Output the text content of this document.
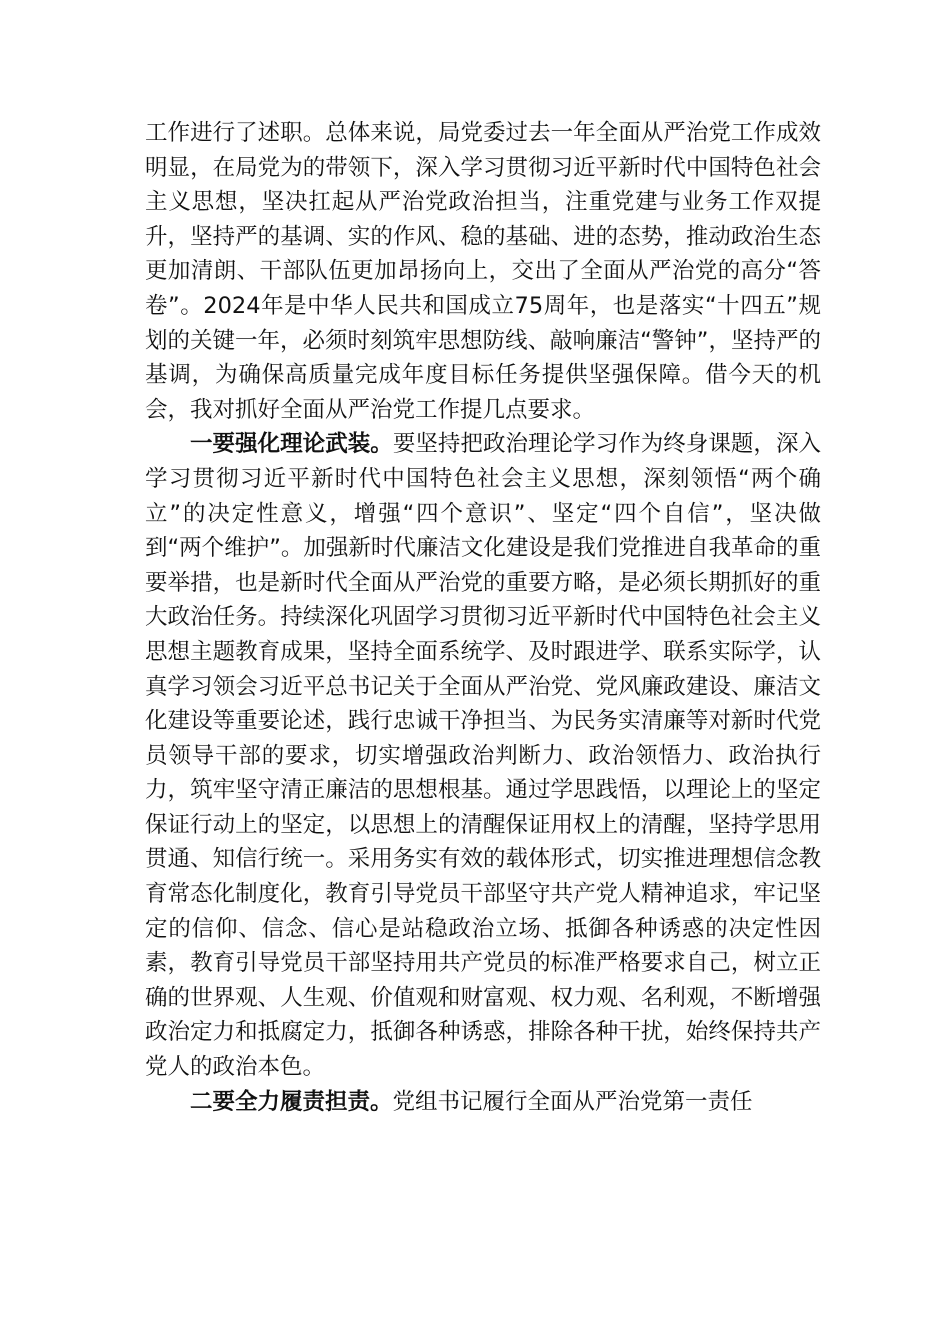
工作进行了述职。总体来说，局党委过去一年全面从严治党工作成效明显，在局党为的带领下，深入学习贯彻习近平新时代中国特色社会主义思想，坚决扛起从严治党政治担当，注重党建与业务工作双提升，坚持严的基调、实的作风、稳的基础、进的态势，推动政治生态更加清朗、干部队伍更加昂扬向上，交出了全面从严治党的高分“答卷”。2024年是中华人民共和国成立75周年，也是落实“十四五”规划的关键一年，必须时刻筑牢思想防线、敲响廉洁“警钟”，坚持严的基调，为确保高质量完成年度目标任务提供坚强保障。借今天的机会，我对抓好全面从严治党工作提几点要求。

一要强化理论武装。要坚持把政治理论学习作为终身课题，深入学习贯彻习近平新时代中国特色社会主义思想，深刻领悟“两个确立”的决定性意义，增强“四个意识”、坚定“四个自信”，坚决做到“两个维护”。加强新时代廉洁文化建设是我们党推进自我革命的重要举措，也是新时代全面从严治党的重要方略，是必须长期抓好的重大政治任务。持续深化巩固学习贯彻习近平新时代中国特色社会主义思想主题教育成果，坚持全面系统学、及时跟进学、联系实际学，认真学习领会习近平总书记关于全面从严治党、党风廉政建设、廉洁文化建设等重要论述，践行忠诚干净担当、为民务实清廉等对新时代党员领导干部的要求，切实增强政治判断力、政治领悟力、政治执行力，筑牢坚守清正廉洁的思想根基。通过学思践悟，以理论上的坚定保证行动上的坚定，以思想上的清醒保证用权上的清醒，坚持学思用贯通、知信行统一。采用务实有效的载体形式，切实推进理想信念教育常态化制度化，教育引导党员干部坚守共产党人精神追求，牢记坚定的信仰、信念、信心是站稳政治立场、抵御各种诱惑的决定性因素，教育引导党员干部坚持用共产党员的标准严格要求自己，树立正确的世界观、人生观、价值观和财富观、权力观、名利观，不断增强政治定力和抵腐定力，抵御各种诱惑，排除各种干扰，始终保持共产党人的政治本色。

二要全力履责担责。党组书记履行全面从严治党第一责任
